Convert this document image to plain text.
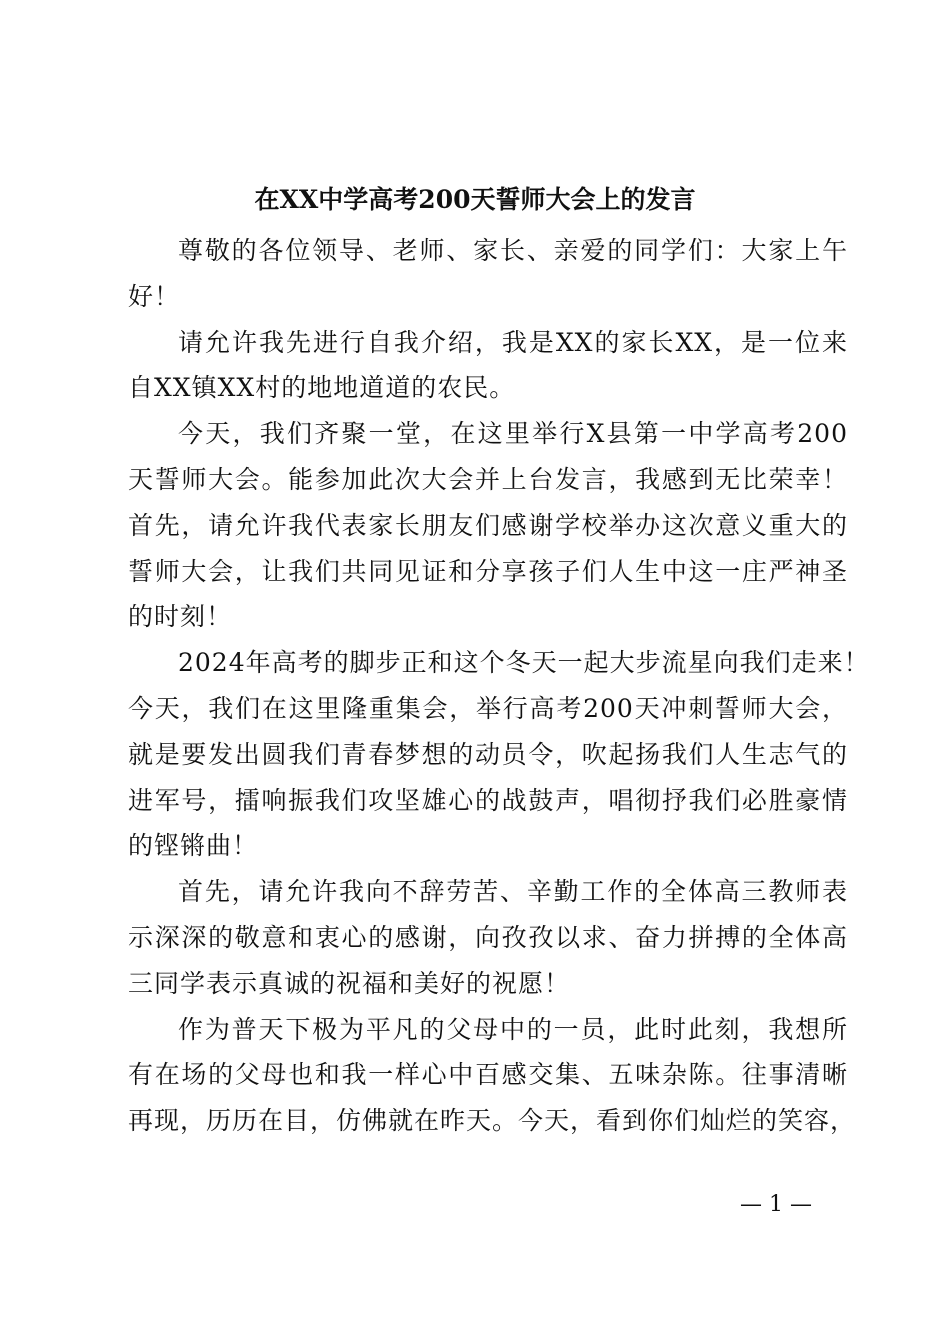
在XX中学高考200天誓师大会上的发言
尊敬的各位领导、老师、家长、亲爱的同学们：大家上午
好！
请允许我先进行自我介绍，我是XX的家长XX，是一位来
自XX镇XX村的地地道道的农民。
今天，我们齐聚一堂，在这里举行X县第一中学高考200
天誓师大会。能参加此次大会并上台发言，我感到无比荣幸！
首先，请允许我代表家长朋友们感谢学校举办这次意义重大的
誓师大会，让我们共同见证和分享孩子们人生中这一庄严神圣
的时刻！
2024年高考的脚步正和这个冬天一起大步流星向我们走来！
今天，我们在这里隆重集会，举行高考200天冲刺誓师大会，
就是要发出圆我们青春梦想的动员令，吹起扬我们人生志气的
进军号，擂响振我们攻坚雄心的战鼓声，唱彻抒我们必胜豪情
的铿锵曲！
首先，请允许我向不辞劳苦、辛勤工作的全体高三教师表
示深深的敬意和衷心的感谢，向孜孜以求、奋力拼搏的全体高
三同学表示真诚的祝福和美好的祝愿！
作为普天下极为平凡的父母中的一员，此时此刻，我想所
有在场的父母也和我一样心中百感交集、五味杂陈。往事清晰
再现，历历在目，仿佛就在昨天。今天，看到你们灿烂的笑容，
— 1 —
